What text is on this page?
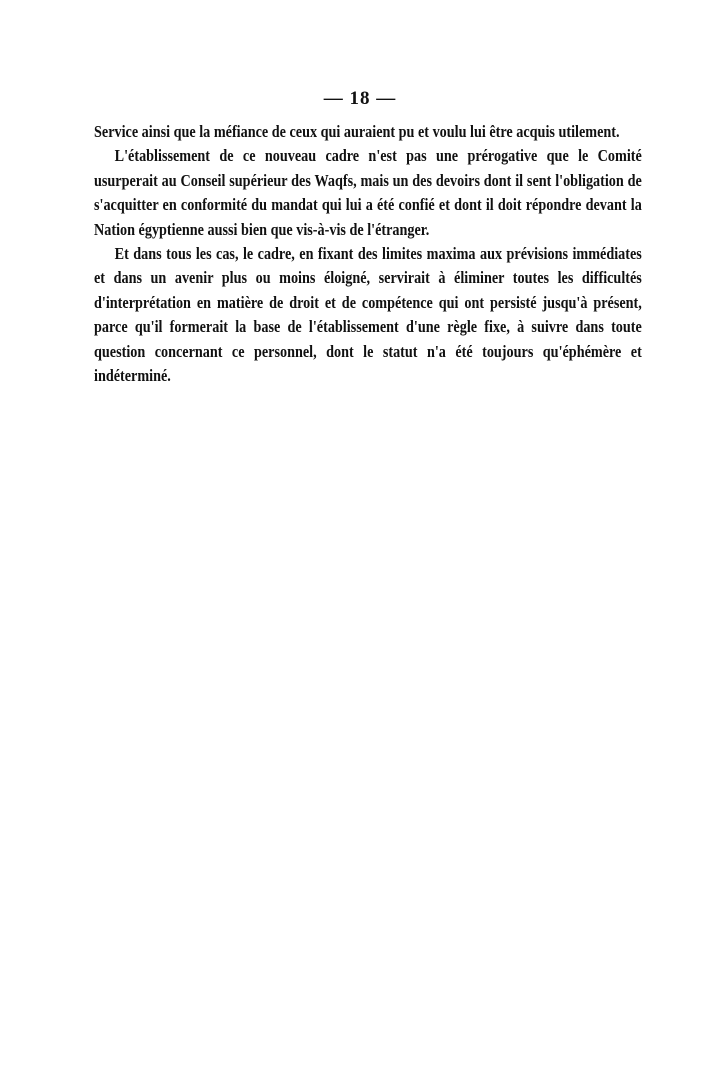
— 18 —

Service ainsi que la méfiance de ceux qui auraient pu et voulu lui être acquis utilement.

L'établissement de ce nouveau cadre n'est pas une prérogative que le Comité usurperait au Conseil supérieur des Waqfs, mais un des devoirs dont il sent l'obligation de s'acquitter en conformité du mandat qui lui a été confié et dont il doit répondre devant la Nation égyptienne aussi bien que vis-à-vis de l'étranger.

Et dans tous les cas, le cadre, en fixant des limites maxima aux prévisions immédiates et dans un avenir plus ou moins éloigné, servirait à éliminer toutes les difficultés d'interprétation en matière de droit et de compétence qui ont persisté jusqu'à présent, parce qu'il formerait la base de l'établissement d'une règle fixe, à suivre dans toute question concernant ce personnel, dont le statut n'a été toujours qu'éphémère et indéterminé.
